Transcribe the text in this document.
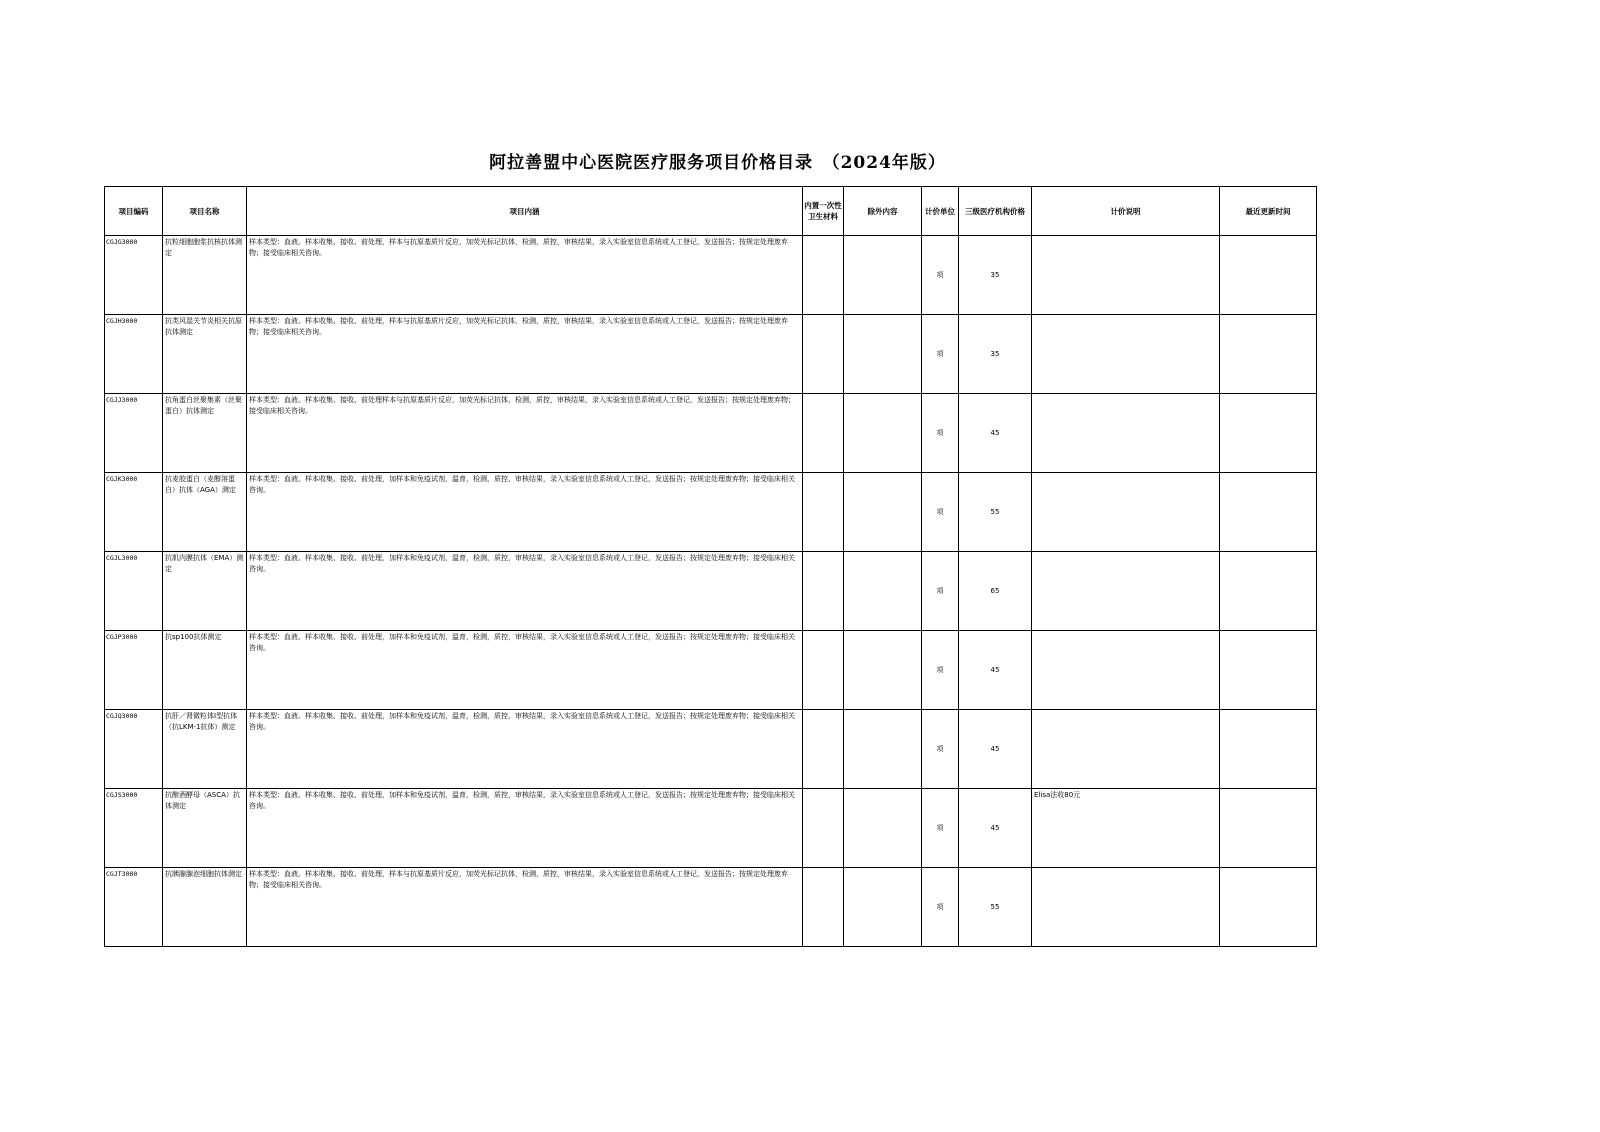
阿拉善盟中心医院医疗服务项目价格目录　（2024年版）
项目编码	项目名称	项目内涵	内置一次性卫生材料	除外内容	计价单位	三级医疗机构价格	计价说明	最近更新时间
CGJG3000	抗粒细胞胞浆抗核抗体测定	样本类型：血液。样本收集、接收、前处理，样本与抗原基质片反应，加荧光标记抗体，检测，质控，审核结果，录入实验室信息系统或人工登记，发送报告；按规定处理废弃物；接受临床相关咨询。			项	35		
CGJH3000	抗类风湿关节炎相关抗原抗体测定	样本类型：血液。样本收集、接收、前处理，样本与抗原基质片反应，加荧光标记抗体，检测，质控，审核结果，录入实验室信息系统或人工登记，发送报告；按规定处理废弃物；接受临床相关咨询。			项	35		
CGJJ3000	抗角蛋白丝聚集素（丝聚蛋白）抗体测定	样本类型：血液。样本收集、接收、前处理样本与抗原基质片反应，加荧光标记抗体，检测，质控，审核结果，录入实验室信息系统或人工登记，发送报告；按规定处理废弃物；接受临床相关咨询。			项	45		
CGJK3000	抗麦胶蛋白（麦醇溶蛋白）抗体（AGA）测定	样本类型：血液。样本收集、接收、前处理，加样本和免疫试剂，温育，检测，质控，审核结果，录入实验室信息系统或人工登记，发送报告；按规定处理废弃物；接受临床相关咨询。			项	55		
CGJL3000	抗肌内膜抗体（EMA）测定	样本类型：血液。样本收集、接收、前处理，加样本和免疫试剂，温育，检测，质控，审核结果，录入实验室信息系统或人工登记，发送报告；按规定处理废弃物；接受临床相关咨询。			项	65		
CGJP3000	抗sp100抗体测定	样本类型：血液。样本收集、接收、前处理，加样本和免疫试剂，温育，检测，质控，审核结果，录入实验室信息系统或人工登记，发送报告；按规定处理废弃物；接受临床相关咨询。			项	45		
CGJQ3000	抗肝／肾微粒体Ⅰ型抗体（抗LKM-1抗体）测定	样本类型：血液。样本收集、接收、前处理，加样本和免疫试剂，温育，检测，质控，审核结果，录入实验室信息系统或人工登记，发送报告；按规定处理废弃物；接受临床相关咨询。			项	45		
CGJS3000	抗酿酒酵母（ASCA）抗体测定	样本类型：血液。样本收集、接收、前处理，加样本和免疫试剂，温育，检测，质控，审核结果，录入实验室信息系统或人工登记，发送报告；按规定处理废弃物；接受临床相关咨询。			项	45	Elisa法收80元	
CGJT3000	抗胰腺腺泡细胞抗体测定	样本类型：血液。样本收集、接收、前处理，样本与抗原基质片反应，加荧光标记抗体，检测，质控，审核结果，录入实验室信息系统或人工登记，发送报告；按规定处理废弃物；接受临床相关咨询。			项	55		
